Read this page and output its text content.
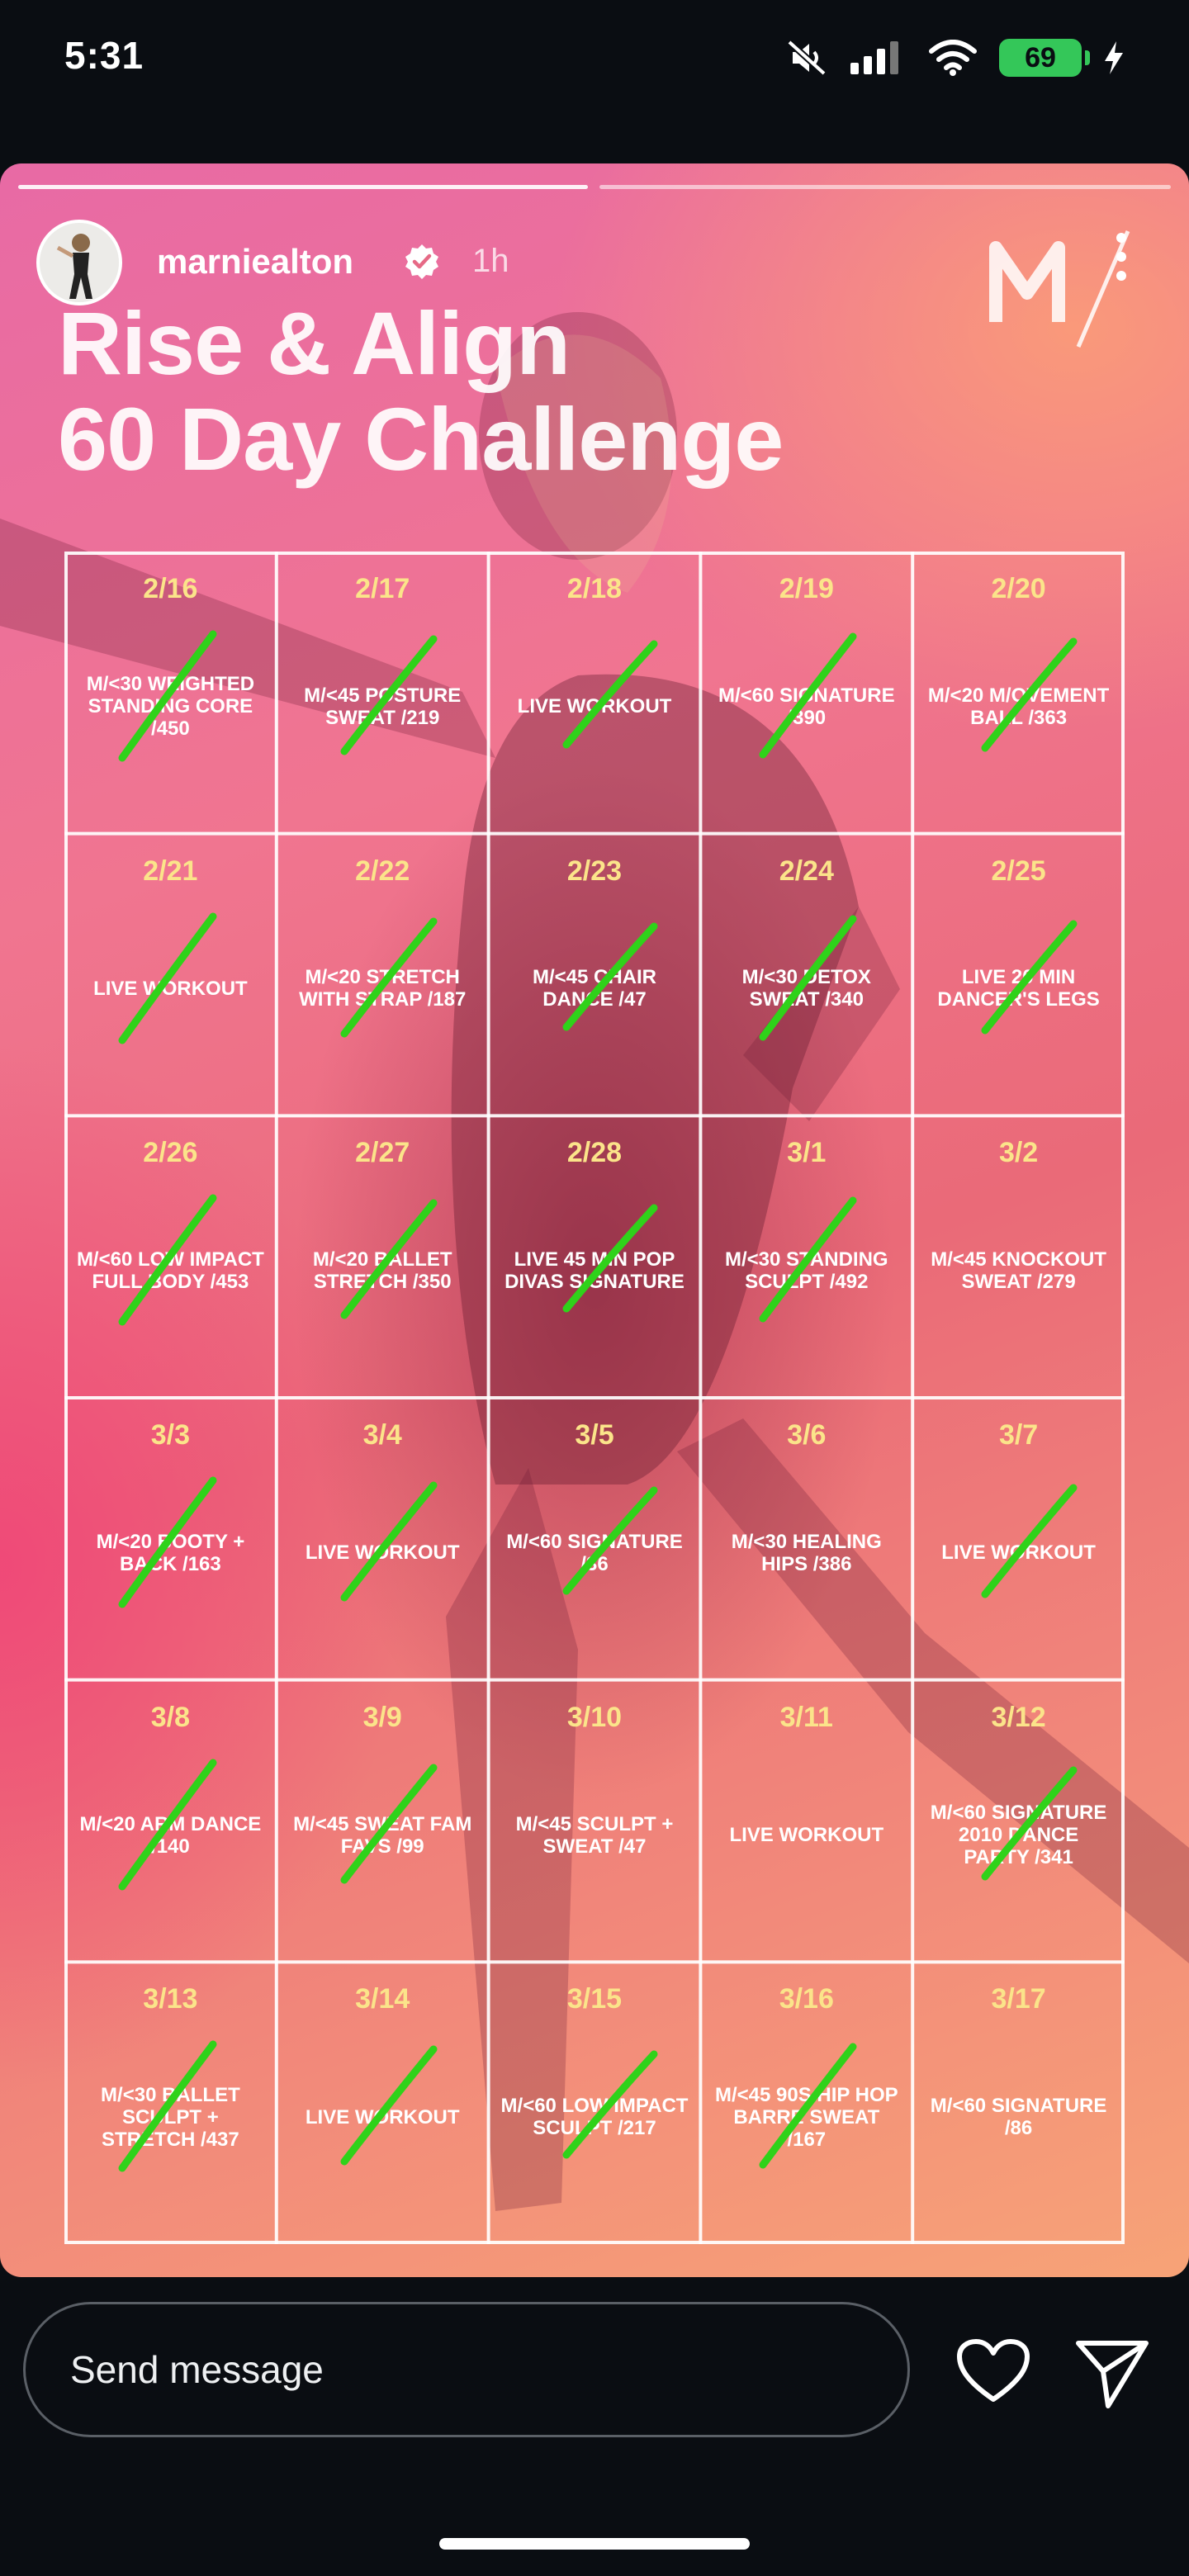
5:31	69
marniealton	1h
Rise & Align
60 Day Challenge
2/16
M/<30 WEIGHTED STANDING CORE /450
2/17
M/<45 POSTURE SWEAT /219
2/18
LIVE WORKOUT
2/19
M/<60 SIGNATURE /390
2/20
M/<20 M/OVEMENT BALL /363
2/21
LIVE WORKOUT
2/22
M/<20 STRETCH WITH STRAP /187
2/23
M/<45 CHAIR DANCE /47
2/24
M/<30 DETOX SWEAT /340
2/25
LIVE 20 MIN DANCER'S LEGS
2/26
M/<60 LOW IMPACT FULL BODY /453
2/27
M/<20 BALLET STRETCH /350
2/28
LIVE 45 MIN POP DIVAS SIGNATURE
3/1
M/<30 STANDING SCULPT /492
3/2
M/<45 KNOCKOUT SWEAT /279
3/3
M/<20 BOOTY + BACK /163
3/4
LIVE WORKOUT
3/5
M/<60 SIGNATURE /36
3/6
M/<30 HEALING HIPS /386
3/7
LIVE WORKOUT
3/8
M/<20 ARM DANCE /140
3/9
M/<45 SWEAT FAM FAVS /99
3/10
M/<45 SCULPT + SWEAT /47
3/11
LIVE WORKOUT
3/12
M/<60 SIGNATURE 2010 DANCE PARTY /341
3/13
M/<30 BALLET SCULPT + STRETCH /437
3/14
LIVE WORKOUT
3/15
M/<60 LOW IMPACT SCULPT /217
3/16
M/<45 90S HIP HOP BARRE SWEAT /167
3/17
M/<60 SIGNATURE /86
Send message
